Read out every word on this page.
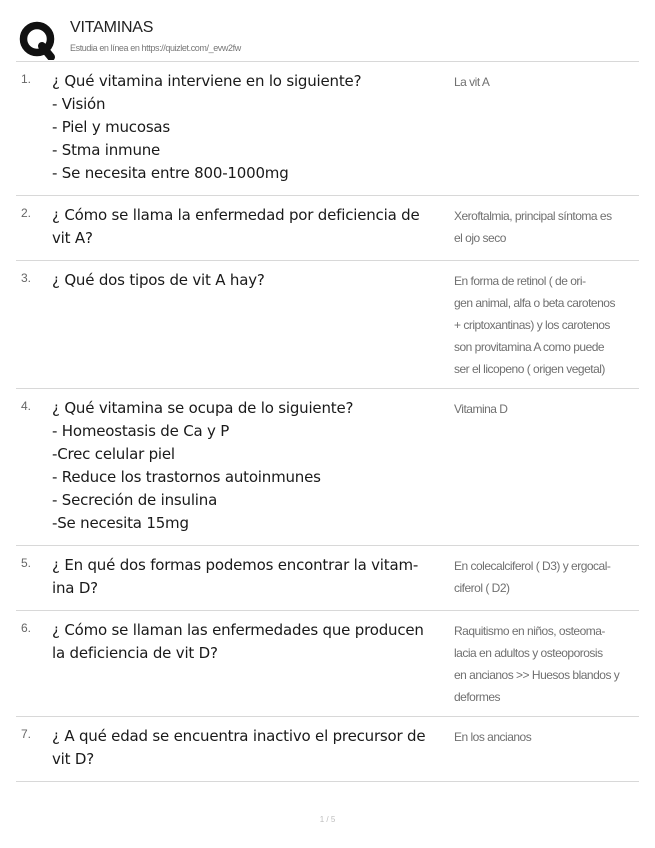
VITAMINAS
Estudia en línea en https://quizlet.com/_evw2fw
1. ¿ Qué vitamina interviene en lo siguiente?
- Visión
- Piel y mucosas
- Stma inmune
- Se necesita entre 800-1000mg
La vit A
2. ¿ Cómo se llama la enfermedad por deficiencia de
vit A?
Xeroftalmia, principal síntoma es
el ojo seco
3. ¿ Qué dos tipos de vit A hay?	En forma de retinol ( de ori-
gen animal, alfa o beta carotenos
+ criptoxantinas) y los carotenos
son provitamina A como puede
ser el licopeno ( origen vegetal)
4. ¿ Qué vitamina se ocupa de lo siguiente?
- Homeostasis de Ca y P
-Crec celular piel
- Reduce los trastornos autoinmunes
- Secreción de insulina
-Se necesita 15mg
Vitamina D
5. ¿ En qué dos formas podemos encontrar la vitam-
ina D?
En colecalciferol ( D3) y ergocal-
ciferol ( D2)
6. ¿ Cómo se llaman las enfermedades que producen
la deficiencia de vit D?
Raquitismo en niños, osteoma-
lacia en adultos y osteoporosis
en ancianos >> Huesos blandos y
deformes
7. ¿ A qué edad se encuentra inactivo el precursor de
vit D?
En los ancianos
1 / 5
